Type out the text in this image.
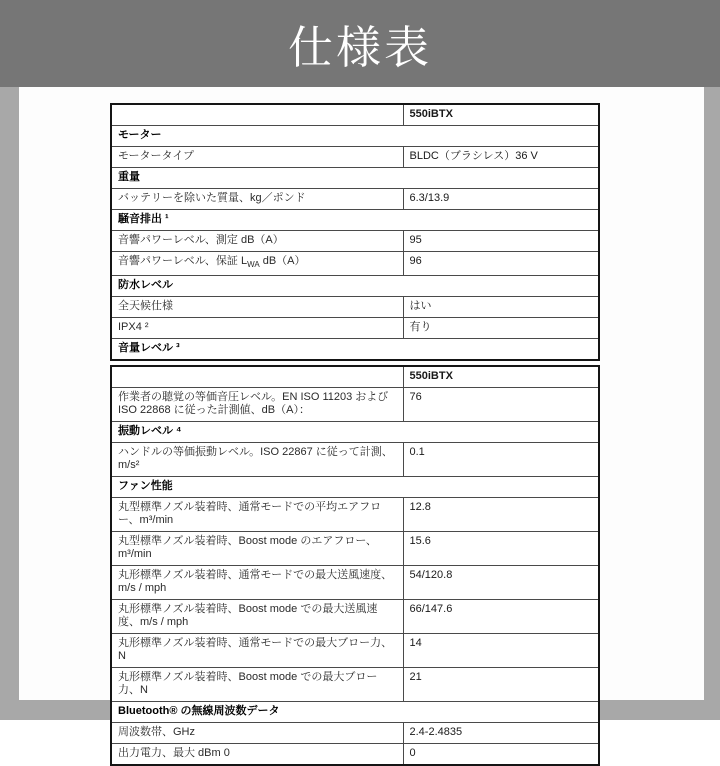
仕様表
	550iBTX
モーター	
モータータイプ	BLDC（ブラシレス）36 V
重量	
バッテリーを除いた質量、kg／ポンド	6.3/13.9
騒音排出 ¹	
音響パワーレベル、測定 dB（A）	95
音響パワーレベル、保証 $L_{WA}$ dB（A）	96
防水レベル	
全天候仕様	はい
IPX4 ²	有り
音量レベル ³	
	550iBTX
作業者の聴覚の等価音圧レベル。EN ISO 11203 および ISO 22868 に従った計測値、dB（A）：	76
振動レベル ⁴	
ハンドルの等価振動レベル。ISO 22867 に従って計測、m/s²	0.1
ファン性能	
丸型標準ノズル装着時、通常モードでの平均エアフロー、m³/min	12.8
丸型標準ノズル装着時、Boost mode のエアフロー、 m³/min	15.6
丸形標準ノズル装着時、通常モードでの最大送風速度、m/s / mph	54/120.8
丸形標準ノズル装着時、Boost mode での最大送風速度、m/s / mph	66/147.6
丸形標準ノズル装着時、通常モードでの最大ブロー力、N	14
丸形標準ノズル装着時、Boost mode での最大ブロー力、N	21
Bluetooth® の無線周波数データ	
周波数帯、GHz	2.4-2.4835
出力電力、最大 dBm 0	0
